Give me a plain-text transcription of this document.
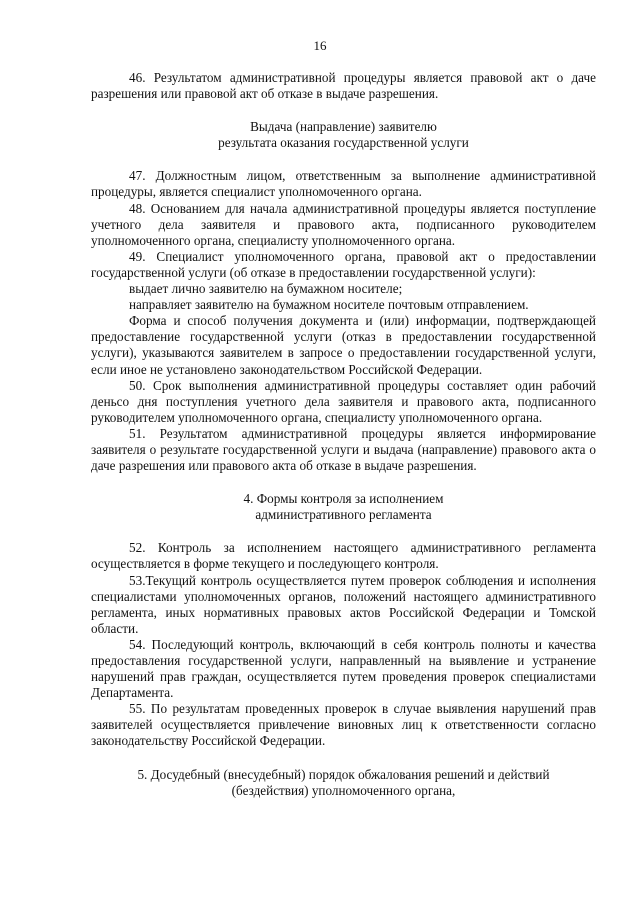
16

46. Результатом административной процедуры является правовой акт о даче разрешения или правовой акт об отказе в выдаче разрешения.

Выдача (направление) заявителю

результата оказания государственной услуги

47. Должностным лицом, ответственным за выполнение административной процедуры, является специалист уполномоченного органа.

48. Основанием для начала административной процедуры является поступление учетного дела заявителя и правового акта, подписанного руководителем уполномоченного органа, специалисту уполномоченного органа.

49. Специалист уполномоченного органа, правовой акт о предоставлении государственной услуги (об отказе в предоставлении государственной услуги):

выдает лично заявителю на бумажном носителе;

направляет заявителю на бумажном носителе почтовым отправлением.

Форма и способ получения документа и (или) информации, подтверждающей предоставление государственной услуги (отказ в предоставлении государственной услуги), указываются заявителем в запросе о предоставлении государственной услуги, если иное не установлено законодательством Российской Федерации.

50. Срок выполнения административной процедуры составляет один рабочий деньсо дня поступления учетного дела заявителя и правового акта, подписанного руководителем уполномоченного органа, специалисту уполномоченного органа.

51. Результатом административной процедуры является информирование заявителя о результате государственной услуги и выдача (направление) правового акта о даче разрешения или правового акта об отказе в выдаче разрешения.

4. Формы контроля за исполнением

административного регламента

52. Контроль за исполнением настоящего административного регламента осуществляется в форме текущего и последующего контроля.

53.Текущий контроль осуществляется путем проверок соблюдения и исполнения специалистами уполномоченных органов, положений настоящего административного регламента, иных нормативных правовых актов Российской Федерации и Томской области.

54. Последующий контроль, включающий в себя контроль полноты и качества предоставления государственной услуги, направленный на выявление и устранение нарушений прав граждан, осуществляется путем проведения проверок специалистами Департамента.

55. По результатам проведенных проверок в случае выявления нарушений прав заявителей осуществляется привлечение виновных лиц к ответственности согласно законодательству Российской Федерации.

5. Досудебный (внесудебный) порядок обжалования решений и действий

(бездействия) уполномоченного органа,
